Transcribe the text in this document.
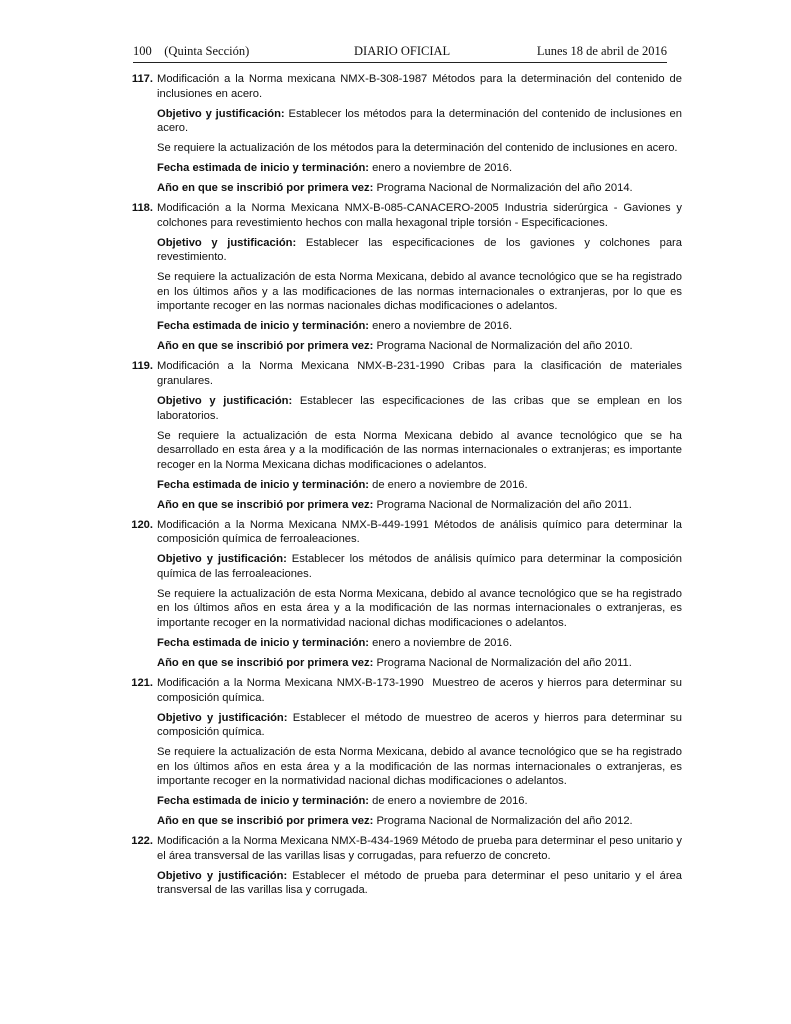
100    (Quinta Sección)	DIARIO OFICIAL	Lunes 18 de abril de 2016
117. Modificación a la Norma mexicana NMX-B-308-1987 Métodos para la determinación del contenido de inclusiones en acero.

Objetivo y justificación: Establecer los métodos para la determinación del contenido de inclusiones en acero.

Se requiere la actualización de los métodos para la determinación del contenido de inclusiones en acero.

Fecha estimada de inicio y terminación: enero a noviembre de 2016.

Año en que se inscribió por primera vez: Programa Nacional de Normalización del año 2014.

118. Modificación a la Norma Mexicana NMX-B-085-CANACERO-2005 Industria siderúrgica - Gaviones y colchones para revestimiento hechos con malla hexagonal triple torsión - Especificaciones.

Objetivo y justificación: Establecer las especificaciones de los gaviones y colchones para revestimiento.

Se requiere la actualización de esta Norma Mexicana, debido al avance tecnológico que se ha registrado en los últimos años y a las modificaciones de las normas internacionales o extranjeras, por lo que es importante recoger en las normas nacionales dichas modificaciones o adelantos.

Fecha estimada de inicio y terminación: enero a noviembre de 2016.

Año en que se inscribió por primera vez: Programa Nacional de Normalización del año 2010.

119. Modificación a la Norma Mexicana NMX-B-231-1990 Cribas para la clasificación de materiales granulares.

Objetivo y justificación: Establecer las especificaciones de las cribas que se emplean en los laboratorios.

Se requiere la actualización de esta Norma Mexicana debido al avance tecnológico que se ha desarrollado en esta área y a la modificación de las normas internacionales o extranjeras; es importante recoger en la Norma Mexicana dichas modificaciones o adelantos.

Fecha estimada de inicio y terminación: de enero a noviembre de 2016.

Año en que se inscribió por primera vez: Programa Nacional de Normalización del año 2011.

120. Modificación a la Norma Mexicana NMX-B-449-1991 Métodos de análisis químico para determinar la composición química de ferroaleaciones.

Objetivo y justificación: Establecer los métodos de análisis químico para determinar la composición química de las ferroaleaciones.

Se requiere la actualización de esta Norma Mexicana, debido al avance tecnológico que se ha registrado en los últimos años en esta área y a la modificación de las normas internacionales o extranjeras, es importante recoger en la normatividad nacional dichas modificaciones o adelantos.

Fecha estimada de inicio y terminación: enero a noviembre de 2016.

Año en que se inscribió por primera vez: Programa Nacional de Normalización del año 2011.

121. Modificación a la Norma Mexicana NMX-B-173-1990  Muestreo de aceros y hierros para determinar su composición química.

Objetivo y justificación: Establecer el método de muestreo de aceros y hierros para determinar su composición química.

Se requiere la actualización de esta Norma Mexicana, debido al avance tecnológico que se ha registrado en los últimos años en esta área y a la modificación de las normas internacionales o extranjeras, es importante recoger en la normatividad nacional dichas modificaciones o adelantos.

Fecha estimada de inicio y terminación: de enero a noviembre de 2016.

Año en que se inscribió por primera vez: Programa Nacional de Normalización del año 2012.

122. Modificación a la Norma Mexicana NMX-B-434-1969 Método de prueba para determinar el peso unitario y el área transversal de las varillas lisas y corrugadas, para refuerzo de concreto.

Objetivo y justificación: Establecer el método de prueba para determinar el peso unitario y el área transversal de las varillas lisa y corrugada.
